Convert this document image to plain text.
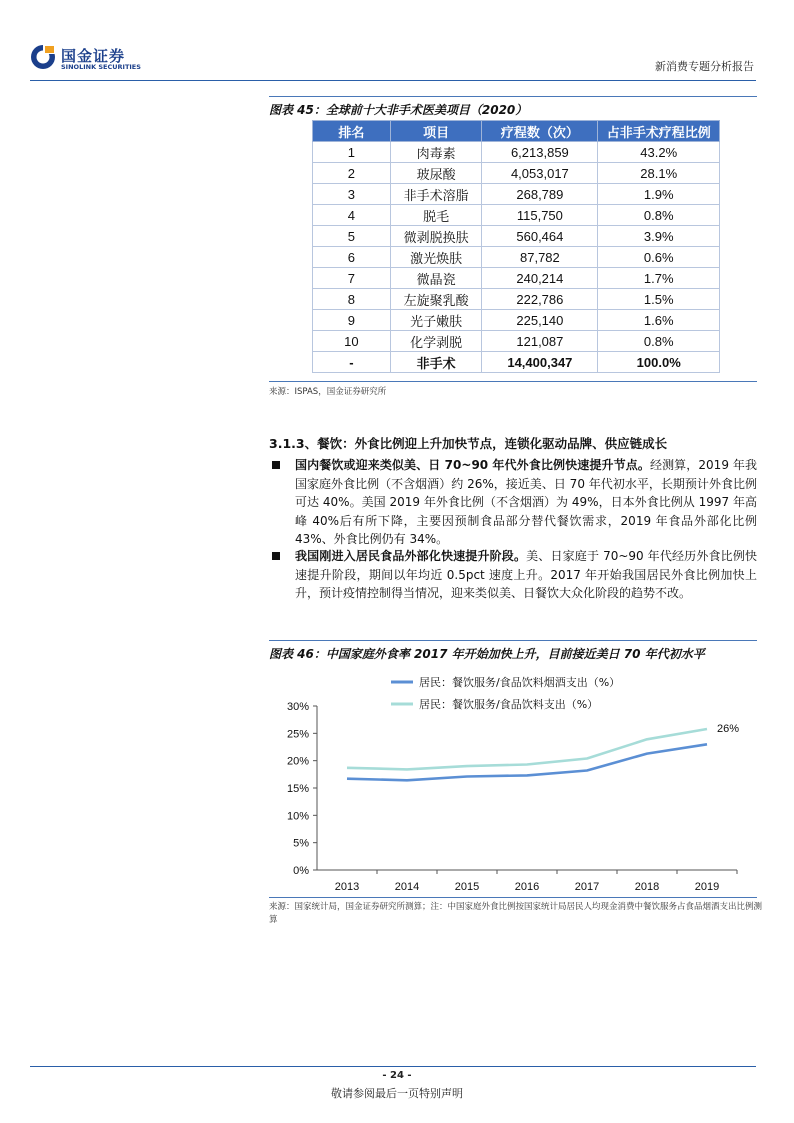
国金证券
SINOLINK SECURITIES	新消费专题分析报告
图表 45：全球前十大非手术医美项目（2020）
排名	项目	疗程数（次）	占非手术疗程比例
1	肉毒素	6,213,859	43.2%
2	玻尿酸	4,053,017	28.1%
3	非手术溶脂	268,789	1.9%
4	脱毛	115,750	0.8%
5	微剥脱换肤	560,464	3.9%
6	激光焕肤	87,782	0.6%
7	微晶瓷	240,214	1.7%
8	左旋聚乳酸	222,786	1.5%
9	光子嫩肤	225,140	1.6%
10	化学剥脱	121,087	0.8%
-	非手术	14,400,347	100.0%
来源：ISPAS，国金证券研究所
3.1.3、餐饮：外食比例迎上升加快节点，连锁化驱动品牌、供应链成长
国内餐饮或迎来类似美、日 70~90 年代外食比例快速提升节点。经测算，2019 年我国家庭外食比例（不含烟酒）约 26%，接近美、日 70 年代初水平，长期预计外食比例可达 40%。美国 2019 年外食比例（不含烟酒）为 49%，日本外食比例从 1997 年高峰 40%后有所下降，主要因预制食品部分替代餐饮需求，2019 年食品外部化比例 43%、外食比例仍有 34%。
我国刚进入居民食品外部化快速提升阶段。美、日家庭于 70~90 年代经历外食比例快速提升阶段，期间以年均近 0.5pct 速度上升。2017 年开始我国居民外食比例加快上升，预计疫情控制得当情况，迎来类似美、日餐饮大众化阶段的趋势不改。
图表 46：中国家庭外食率 2017 年开始加快上升，目前接近美日 70 年代初水平
0%
5%
10%
15%
20%
25%
30%
2013	2014	2015	2016	2017	2018	2019
26%
居民：餐饮服务/食品饮料烟酒支出（%）
居民：餐饮服务/食品饮料支出（%）
来源：国家统计局，国金证券研究所测算；注：中国家庭外食比例按国家统计局居民人均现金消费中餐饮服务占食品烟酒支出比例测算
- 24 -
敬请参阅最后一页特别声明
